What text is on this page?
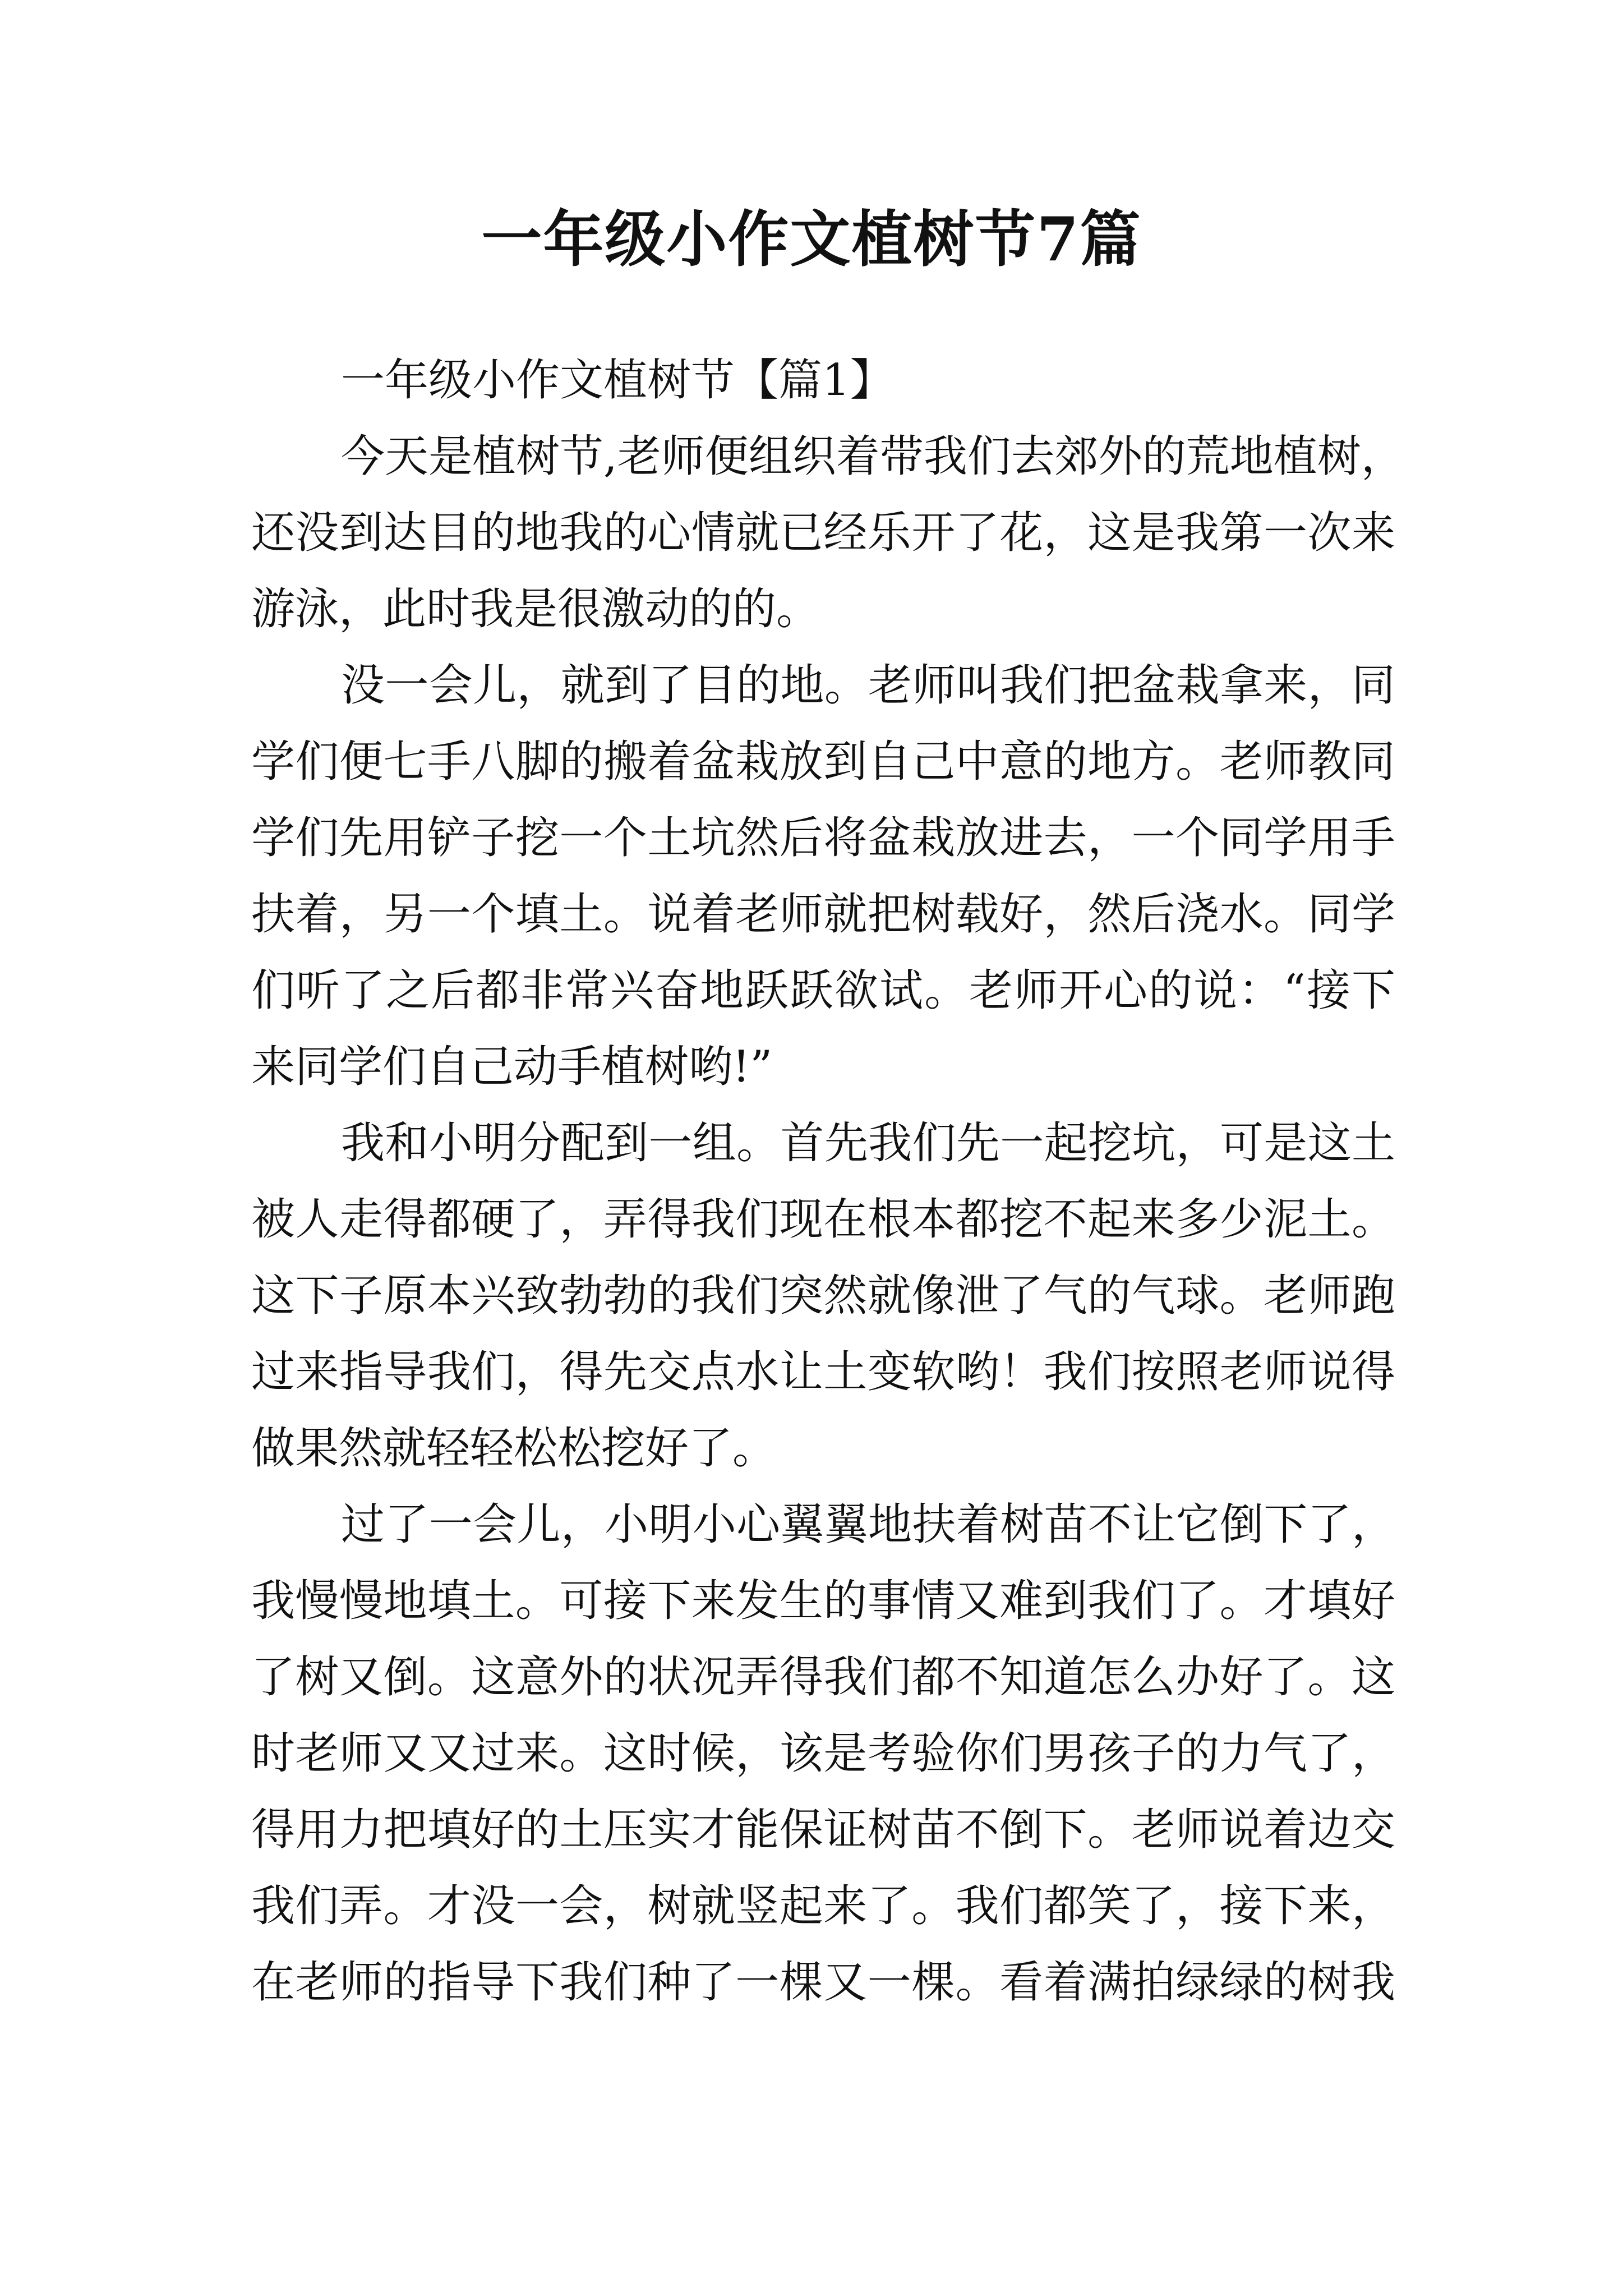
一年级小作文植树节7篇
一年级小作文植树节【篇1】
今天是植树节,老师便组织着带我们去郊外的荒地植树，
还没到达目的地我的心情就已经乐开了花，这是我第一次来
游泳，此时我是很激动的的。
没一会儿，就到了目的地。老师叫我们把盆栽拿来，同
学们便七手八脚的搬着盆栽放到自己中意的地方。老师教同
学们先用铲子挖一个土坑然后将盆栽放进去，一个同学用手
扶着，另一个填土。说着老师就把树载好，然后浇水。同学
们听了之后都非常兴奋地跃跃欲试。老师开心的说：“接下
来同学们自己动手植树哟!”
我和小明分配到一组。首先我们先一起挖坑，可是这土
被人走得都硬了，弄得我们现在根本都挖不起来多少泥土。
这下子原本兴致勃勃的我们突然就像泄了气的气球。老师跑
过来指导我们，得先交点水让土变软哟！我们按照老师说得
做果然就轻轻松松挖好了。
过了一会儿，小明小心翼翼地扶着树苗不让它倒下了，
我慢慢地填土。可接下来发生的事情又难到我们了。才填好
了树又倒。这意外的状况弄得我们都不知道怎么办好了。这
时老师又又过来。这时候，该是考验你们男孩子的力气了，
得用力把填好的土压实才能保证树苗不倒下。老师说着边交
我们弄。才没一会，树就竖起来了。我们都笑了，接下来，
在老师的指导下我们种了一棵又一棵。看着满拍绿绿的树我
